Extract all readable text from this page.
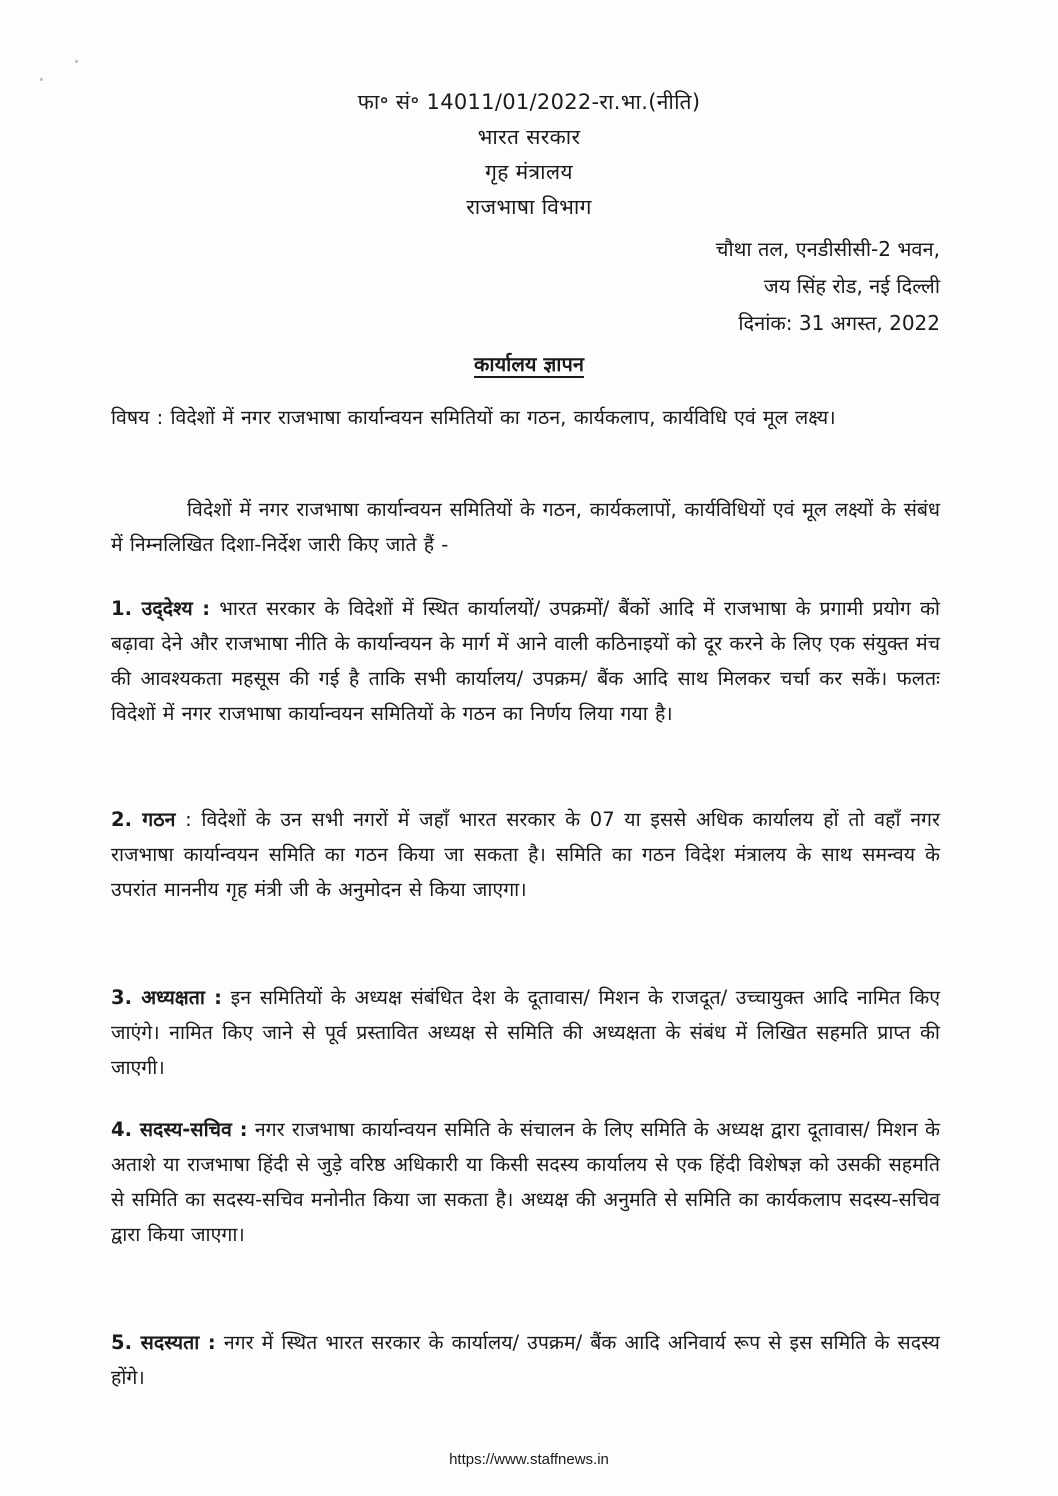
फा॰ सं॰ 14011/01/2022-रा.भा.(नीति)
भारत सरकार
गृह मंत्रालय
राजभाषा विभाग
चौथा तल, एनडीसीसी-2 भवन,
जय सिंह रोड, नई दिल्ली
दिनांक: 31 अगस्त, 2022
कार्यालय ज्ञापन
विषय : विदेशों में नगर राजभाषा कार्यान्वयन समितियों का गठन, कार्यकलाप, कार्यविधि एवं मूल लक्ष्य।
विदेशों में नगर राजभाषा कार्यान्वयन समितियों के गठन, कार्यकलापों, कार्यविधियों एवं मूल लक्ष्यों के संबंध में निम्नलिखित दिशा-निर्देश जारी किए जाते हैं -
1. उद्‍देश्य : भारत सरकार के विदेशों में स्थित कार्यालयों/ उपक्रमों/ बैंकों आदि में राजभाषा के प्रगामी प्रयोग को बढ़ावा देने और राजभाषा नीति के कार्यान्वयन के मार्ग में आने वाली कठिनाइयों को दूर करने के लिए एक संयुक्त मंच की आवश्यकता महसूस की गई है ताकि सभी कार्यालय/ उपक्रम/ बैंक आदि साथ मिलकर चर्चा कर सकें। फलतः विदेशों में नगर राजभाषा कार्यान्वयन समितियों के गठन का निर्णय लिया गया है।
2. गठन : विदेशों के उन सभी नगरों में जहाँ भारत सरकार के 07 या इससे अधिक कार्यालय हों तो वहाँ नगर राजभाषा कार्यान्वयन समिति का गठन किया जा सकता है। समिति का गठन विदेश मंत्रालय के साथ समन्वय के उपरांत माननीय गृह मंत्री जी के अनुमोदन से किया जाएगा।
3. अध्यक्षता : इन समितियों के अध्यक्ष संबंधित देश के दूतावास/ मिशन के राजदूत/ उच्चायुक्त आदि नामित किए जाएंगे। नामित किए जाने से पूर्व प्रस्तावित अध्यक्ष से समिति की अध्यक्षता के संबंध में लिखित सहमति प्राप्त की जाएगी।
4. सदस्य-सचिव : नगर राजभाषा कार्यान्वयन समिति के संचालन के लिए समिति के अध्यक्ष द्वारा दूतावास/ मिशन के अताशे या राजभाषा हिंदी से जुड़े वरिष्ठ अधिकारी या किसी सदस्य कार्यालय से एक हिंदी विशेषज्ञ को उसकी सहमति से समिति का सदस्य-सचिव मनोनीत किया जा सकता है। अध्यक्ष की अनुमति से समिति का कार्यकलाप सदस्य-सचिव द्वारा किया जाएगा।
5. सदस्यता : नगर में स्थित भारत सरकार के कार्यालय/ उपक्रम/ बैंक आदि अनिवार्य रूप से इस समिति के सदस्य होंगे।
https://www.staffnews.in
